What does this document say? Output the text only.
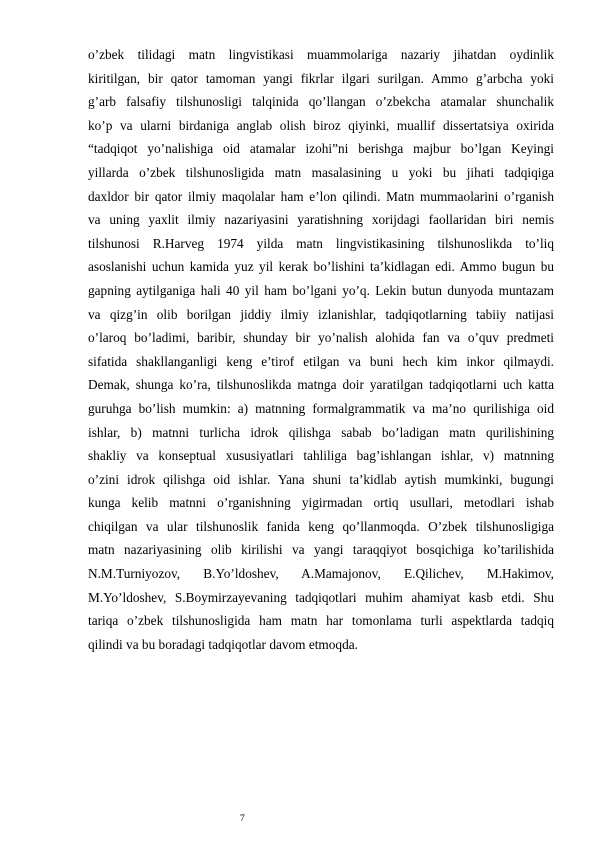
o’zbek tilidagi matn lingvistikasi muammolariga nazariy jihatdan oydinlik
kiritilgan, bir qator tamoman yangi fikrlar ilgari surilgan. Ammo g’arbcha yoki
g’arb falsafiy tilshunosligi talqinida qo’llangan o’zbekcha atamalar shunchalik
ko’p va ularni birdaniga anglab olish biroz qiyinki, muallif dissertatsiya oxirida
“tadqiqot yo’nalishiga oid atamalar izohi”ni berishga majbur bo’lgan Keyingi
yillarda o’zbek tilshunosligida matn masalasining u yoki bu jihati tadqiqiga
daxldor bir qator ilmiy maqolalar ham e’lon qilindi. Matn mummaolarini o’rganish
va uning yaxlit ilmiy nazariyasini yaratishning xorijdagi faollaridan biri nemis
tilshunosi R.Harveg 1974 yilda matn lingvistikasining tilshunoslikda to’liq
asoslanishi uchun kamida yuz yil kerak bo’lishini ta’kidlagan edi. Ammo bugun bu
gapning aytilganiga hali 40 yil ham bo’lgani yo’q. Lekin butun dunyoda muntazam
va qizg’in olib borilgan jiddiy ilmiy izlanishlar, tadqiqotlarning tabiiy natijasi
o’laroq bo’ladimi, baribir, shunday bir yo’nalish alohida fan va o’quv predmeti
sifatida shakllanganligi keng e’tirof etilgan va buni hech kim inkor qilmaydi.
Demak, shunga ko’ra, tilshunoslikda matnga doir yaratilgan tadqiqotlarni uch katta
guruhga bo’lish mumkin: a) matnning formalgrammatik va ma’no qurilishiga oid
ishlar, b) matnni turlicha idrok qilishga sabab bo’ladigan matn qurilishining
shakliy va konseptual xususiyatlari tahliliga bag’ishlangan ishlar, v) matnning
o’zini idrok qilishga oid ishlar. Yana shuni ta’kidlab aytish mumkinki, bugungi
kunga kelib matnni o’rganishning yigirmadan ortiq usullari, metodlari ishab
chiqilgan va ular tilshunoslik fanida keng qo’llanmoqda. O’zbek tilshunosligiga
matn nazariyasining olib kirilishi va yangi taraqqiyot bosqichiga ko’tarilishida
N.M.Turniyozov, B.Yo’ldoshev, A.Mamajonov, E.Qilichev, M.Hakimov,
M.Yo’ldoshev, S.Boymirzayevaning tadqiqotlari muhim ahamiyat kasb etdi. Shu
tariqa o’zbek tilshunosligida ham matn har tomonlama turli aspektlarda tadqiq
qilindi va bu boradagi tadqiqotlar davom etmoqda.
7
